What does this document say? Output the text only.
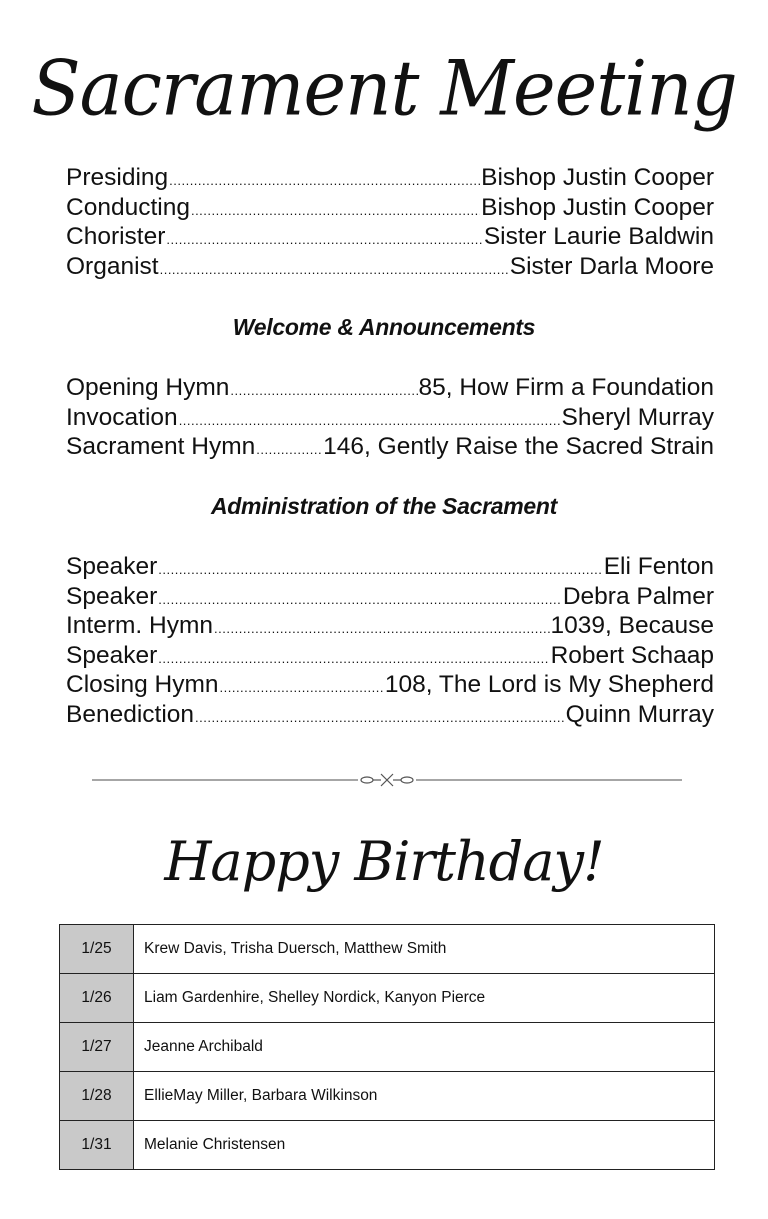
Sacrament Meeting
Presiding .....	Bishop Justin Cooper
Conducting .....	Bishop Justin Cooper
Chorister .....	Sister Laurie Baldwin
Organist .....	Sister Darla Moore
Welcome & Announcements
Opening Hymn .....	85, How Firm a Foundation
Invocation .....	Sheryl Murray
Sacrament Hymn .....	146, Gently Raise the Sacred Strain
Administration of the Sacrament
Speaker .....	Eli Fenton
Speaker .....	Debra Palmer
Interm. Hymn .....	1039, Because
Speaker .....	Robert Schaap
Closing Hymn .....	108, The Lord is My Shepherd
Benediction .....	Quinn Murray
Happy Birthday!
1/25	Krew Davis, Trisha Duersch, Matthew Smith
1/26	Liam Gardenhire, Shelley Nordick, Kanyon Pierce
1/27	Jeanne Archibald
1/28	EllieMay Miller, Barbara Wilkinson
1/31	Melanie Christensen
